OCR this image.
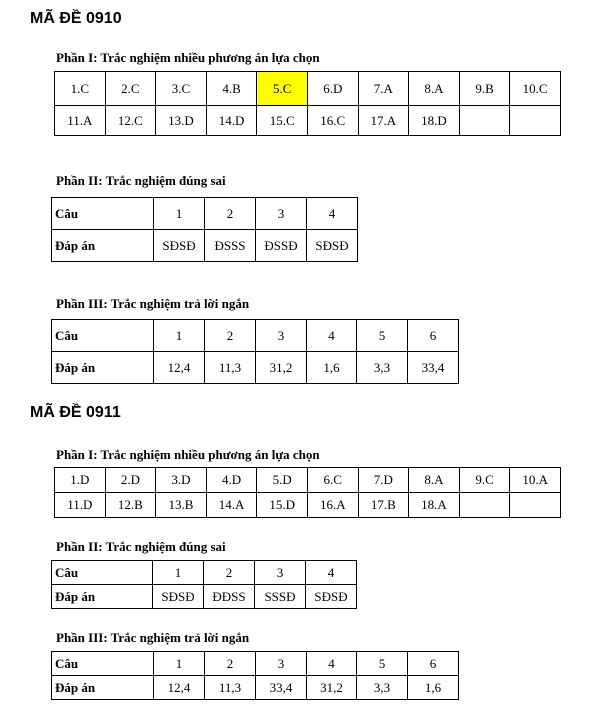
MÃ ĐỀ 0910
Phần I: Trắc nghiệm nhiều phương án lựa chọn
1.C	2.C	3.C	4.B	5.C	6.D	7.A	8.A	9.B	10.C
11.A	12.C	13.D	14.D	15.C	16.C	17.A	18.D		
Phần II: Trắc nghiệm đúng sai
Câu	1	2	3	4
Đáp án	SĐSĐ	ĐSSS	ĐSSĐ	SĐSĐ
Phần III: Trắc nghiệm trả lời ngắn
Câu	1	2	3	4	5	6
Đáp án	12,4	11,3	31,2	1,6	3,3	33,4
MÃ ĐỀ 0911
Phần I: Trắc nghiệm nhiều phương án lựa chọn
1.D	2.D	3.D	4.D	5.D	6.C	7.D	8.A	9.C	10.A
11.D	12.B	13.B	14.A	15.D	16.A	17.B	18.A		
Phần II: Trắc nghiệm đúng sai
Câu	1	2	3	4
Đáp án	SĐSĐ	ĐĐSS	SSSĐ	SĐSĐ
Phần III: Trắc nghiệm trả lời ngắn
Câu	1	2	3	4	5	6
Đáp án	12,4	11,3	33,4	31,2	3,3	1,6
